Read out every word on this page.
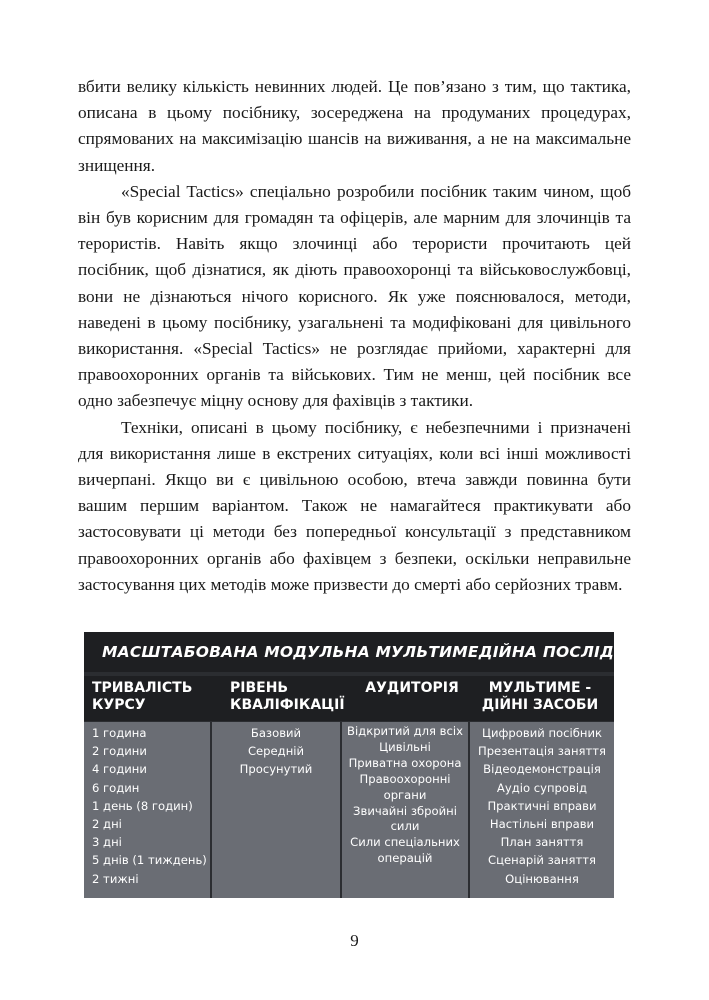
вбити велику кількість невинних людей. Це пов’язано з тим, що тактика, описана в цьому посібнику, зосереджена на продуманих процедурах, спрямованих на максимізацію шансів на виживання, а не на максимальне знищення.

«Special Tactics» спеціально розробили посібник таким чином, щоб він був корисним для громадян та офіцерів, але марним для злочинців та терористів. Навіть якщо злочинці або терористи прочитають цей посібник, щоб дізнатися, як діють правоохоронці та військовослужбовці, вони не дізнаються нічого корисного. Як уже пояснювалося, методи, наведені в цьому посібнику, узагальнені та модифіковані для цивільного використання. «Special Tactics» не розглядає прийоми, характерні для правоохоронних органів та військових. Тим не менш, цей посібник все одно забезпечує міцну основу для фахівців з тактики.

Техніки, описані в цьому посібнику, є небезпечними і призначені для використання лише в екстрених ситуаціях, коли всі інші можливості вичерпані. Якщо ви є цивільною особою, втеча завжди повинна бути вашим першим варіантом. Також не намагайтеся практикувати або застосовувати ці методи без попередньої консультації з представником правоохоронних органів або фахівцем з безпеки, оскільки неправильне застосування цих методів може призвести до смерті або серйозних травм.

МАСШТАБОВАНА МОДУЛЬНА МУЛЬТИМЕДІЙНА ПОСЛІДОВНІСТЬ
ТРИВАЛІСТЬ КУРСУ
РІВЕНЬ КВАЛІФІКАЦІЇ
АУДИТОРІЯ	МУЛЬТИМЕ - ДІЙНІ ЗАСОБИ
1 година
2 години
4 години
6 годин
1 день (8 годин)
2 дні
3 дні
5 днів (1 тиждень)
2 тижні
Базовий
Середній
Просунутий
Відкритий для всіх
Цивільні
Приватна охорона
Правоохоронні
органи
Звичайні збройні
сили
Сили спеціальних
операцій
Цифровий посібник
Презентація заняття
Відеодемонстрація
Аудіо супровід
Практичні вправи
Настільні вправи
План заняття
Сценарій заняття
Оцінювання
9
